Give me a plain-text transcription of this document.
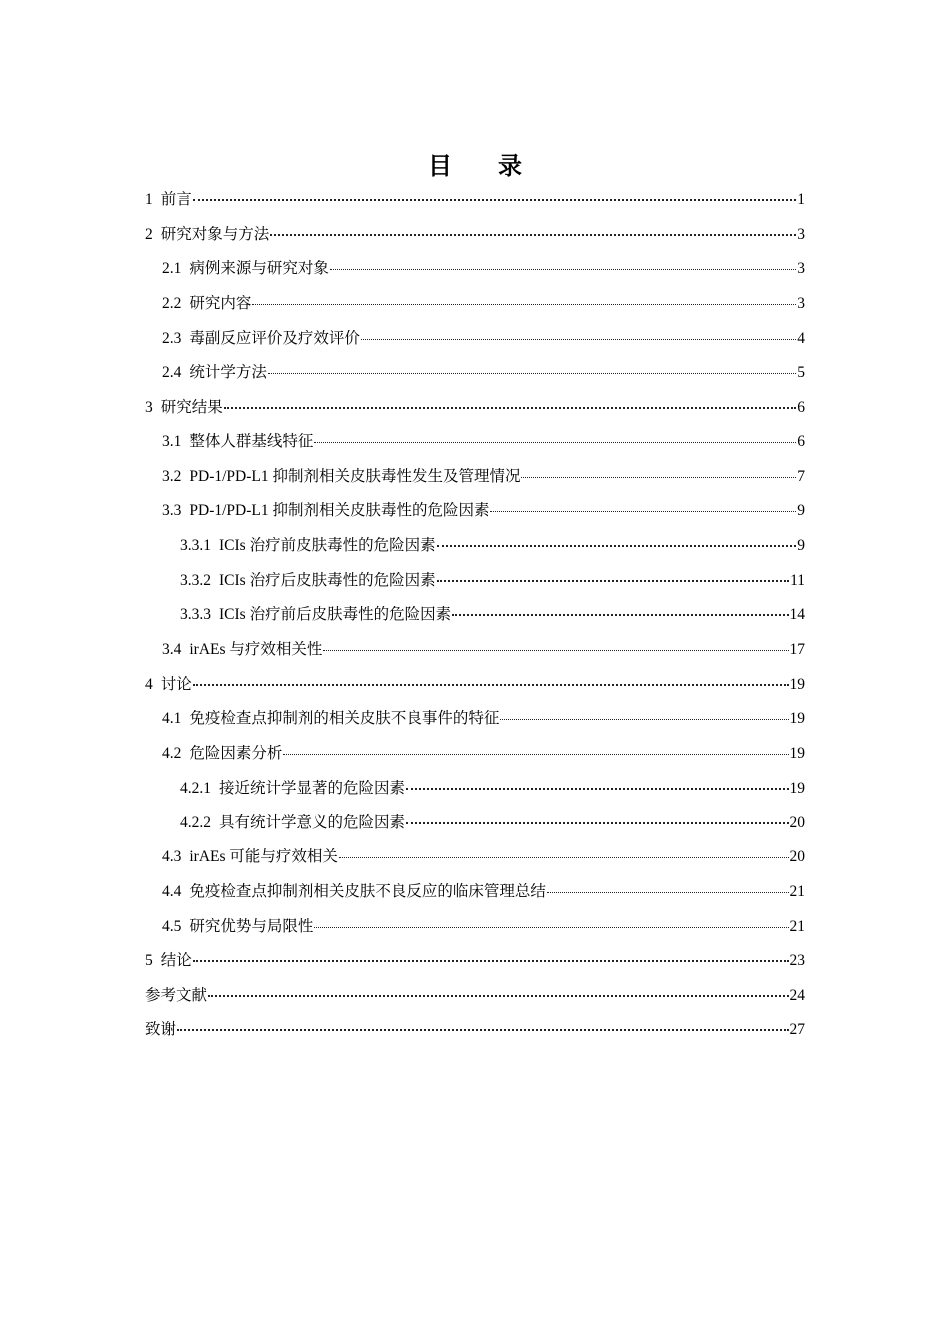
目 录
1 前言	1
2 研究对象与方法	3
2.1 病例来源与研究对象	3
2.2 研究内容	3
2.3 毒副反应评价及疗效评价	4
2.4 统计学方法	5
3 研究结果	6
3.1 整体人群基线特征	6
3.2 PD-1/PD-L1 抑制剂相关皮肤毒性发生及管理情况	7
3.3 PD-1/PD-L1 抑制剂相关皮肤毒性的危险因素	9
3.3.1 ICIs 治疗前皮肤毒性的危险因素	9
3.3.2 ICIs 治疗后皮肤毒性的危险因素	11
3.3.3 ICIs 治疗前后皮肤毒性的危险因素	14
3.4 irAEs 与疗效相关性	17
4 讨论	19
4.1 免疫检查点抑制剂的相关皮肤不良事件的特征	19
4.2 危险因素分析	19
4.2.1 接近统计学显著的危险因素	19
4.2.2 具有统计学意义的危险因素	20
4.3 irAEs 可能与疗效相关	20
4.4 免疫检查点抑制剂相关皮肤不良反应的临床管理总结	21
4.5 研究优势与局限性	21
5 结论	23
参考文献	24
致谢	27
